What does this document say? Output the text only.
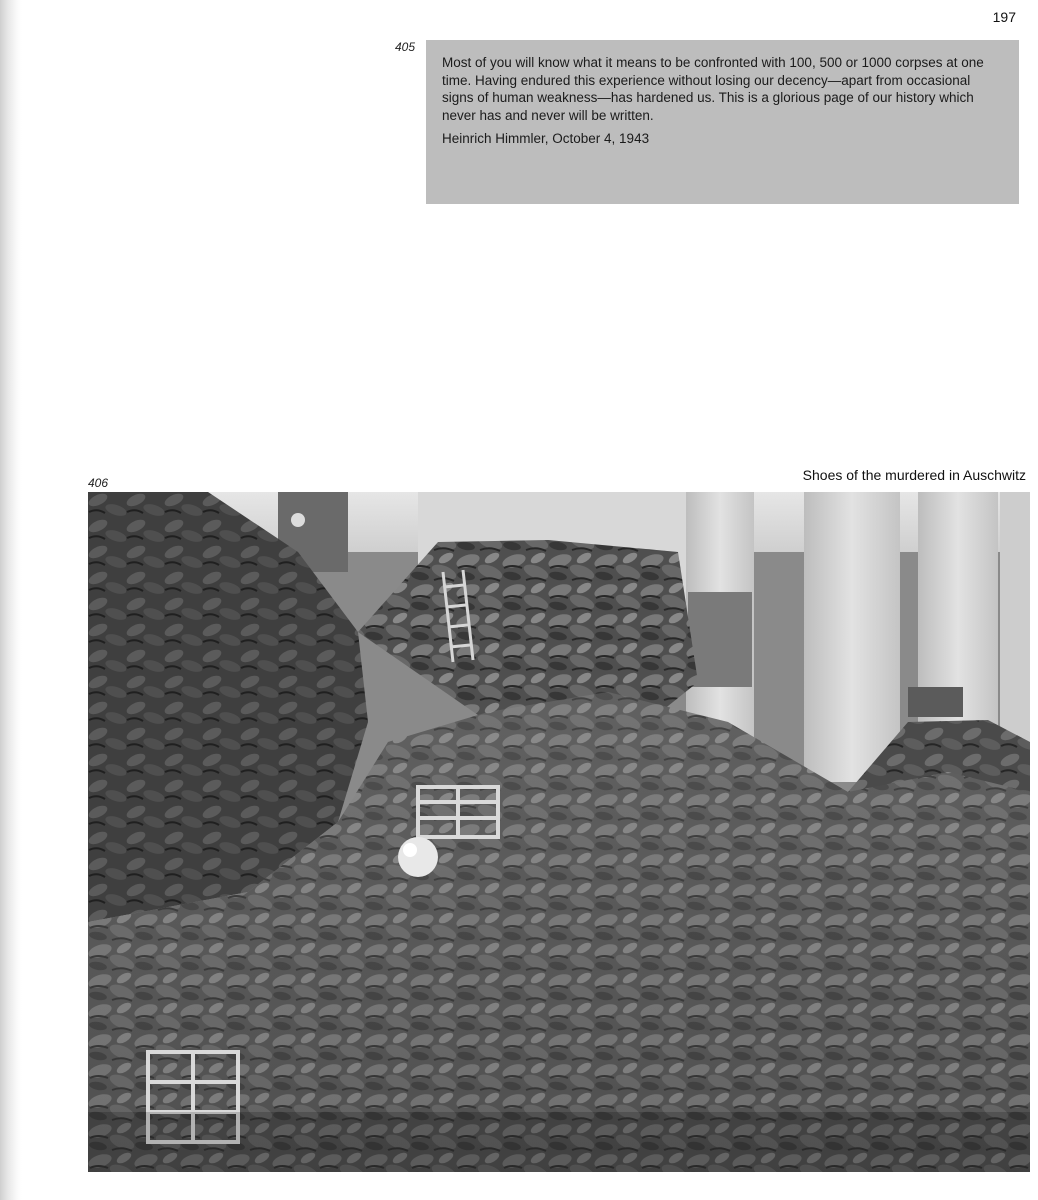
197
405

Most of you will know what it means to be confronted with 100, 500 or 1000 corpses at one time. Having endured this experience without losing our decency—apart from occasional signs of human weakness—has hardened us. This is a glorious page of our history which never has and never will be written.

Heinrich Himmler, October 4, 1943

406	Shoes of the murdered in Auschwitz
